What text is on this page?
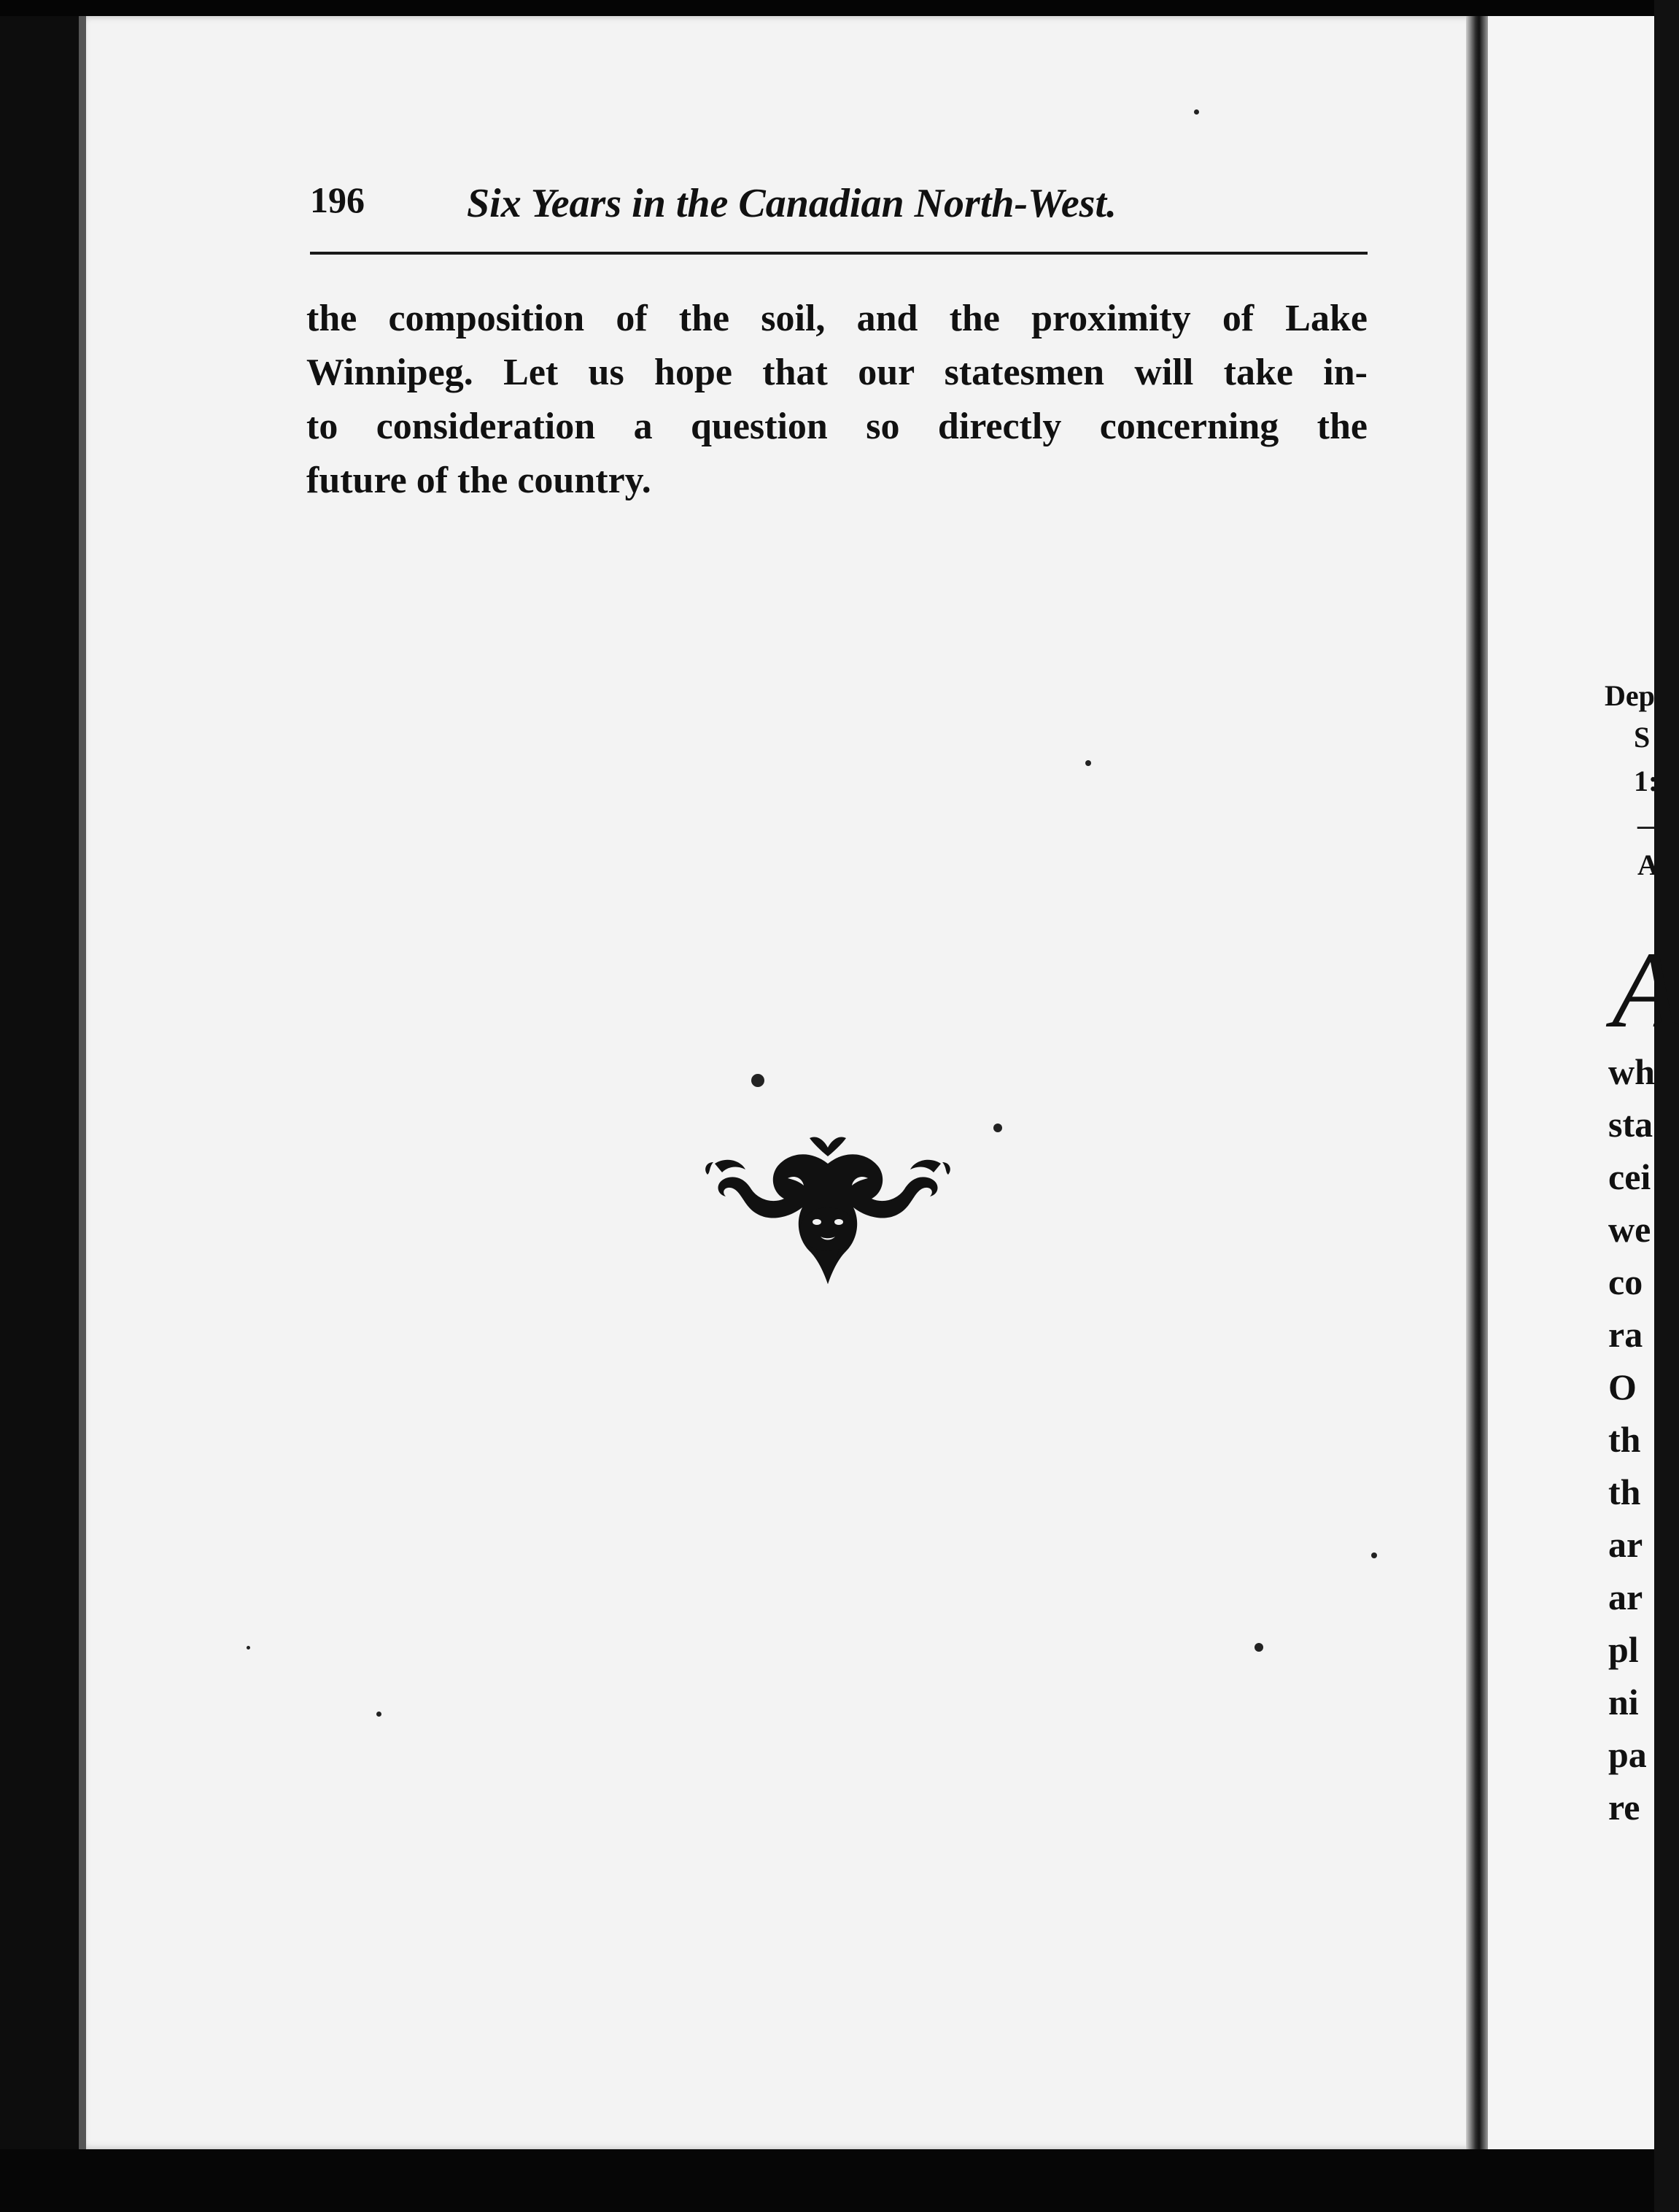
196	Six Years in the Canadian North-West.
the composition of the soil, and the proximity of Lake
Winnipeg. Let us hope that our statesmen will take in-
to consideration a question so directly concerning the
future of the country.
Dep
S
1:
—
A
A
wh
sta
cei
we
co
ra
O
th
th
ar
ar
pl
ni
pa
re
